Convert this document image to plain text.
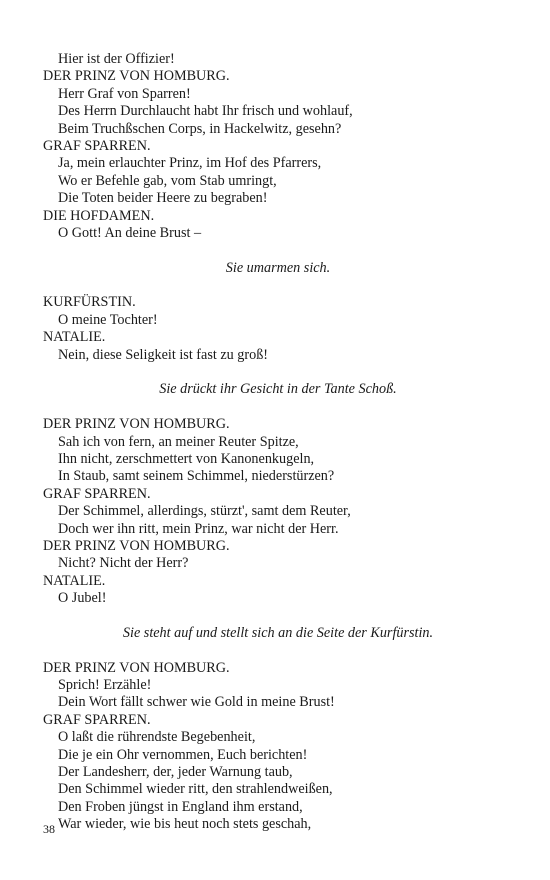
Hier ist der Offizier!
DER PRINZ VON HOMBURG.
Herr Graf von Sparren!
Des Herrn Durchlaucht habt Ihr frisch und wohlauf,
Beim Truchßschen Corps, in Hackelwitz, gesehn?
GRAF SPARREN.
Ja, mein erlauchter Prinz, im Hof des Pfarrers,
Wo er Befehle gab, vom Stab umringt,
Die Toten beider Heere zu begraben!
DIE HOFDAMEN.
O Gott! An deine Brust –
Sie umarmen sich.
KURFÜRSTIN.
O meine Tochter!
NATALIE.
Nein, diese Seligkeit ist fast zu groß!
Sie drückt ihr Gesicht in der Tante Schoß.
DER PRINZ VON HOMBURG.
Sah ich von fern, an meiner Reuter Spitze,
Ihn nicht, zerschmettert von Kanonenkugeln,
In Staub, samt seinem Schimmel, niederstürzen?
GRAF SPARREN.
Der Schimmel, allerdings, stürzt', samt dem Reuter,
Doch wer ihn ritt, mein Prinz, war nicht der Herr.
DER PRINZ VON HOMBURG.
Nicht? Nicht der Herr?
NATALIE.
O Jubel!
Sie steht auf und stellt sich an die Seite der Kurfürstin.
DER PRINZ VON HOMBURG.
Sprich! Erzähle!
Dein Wort fällt schwer wie Gold in meine Brust!
GRAF SPARREN.
O laßt die rührendste Begebenheit,
Die je ein Ohr vernommen, Euch berichten!
Der Landesherr, der, jeder Warnung taub,
Den Schimmel wieder ritt, den strahlendweißen,
Den Froben jüngst in England ihm erstand,
War wieder, wie bis heut noch stets geschah,
38
